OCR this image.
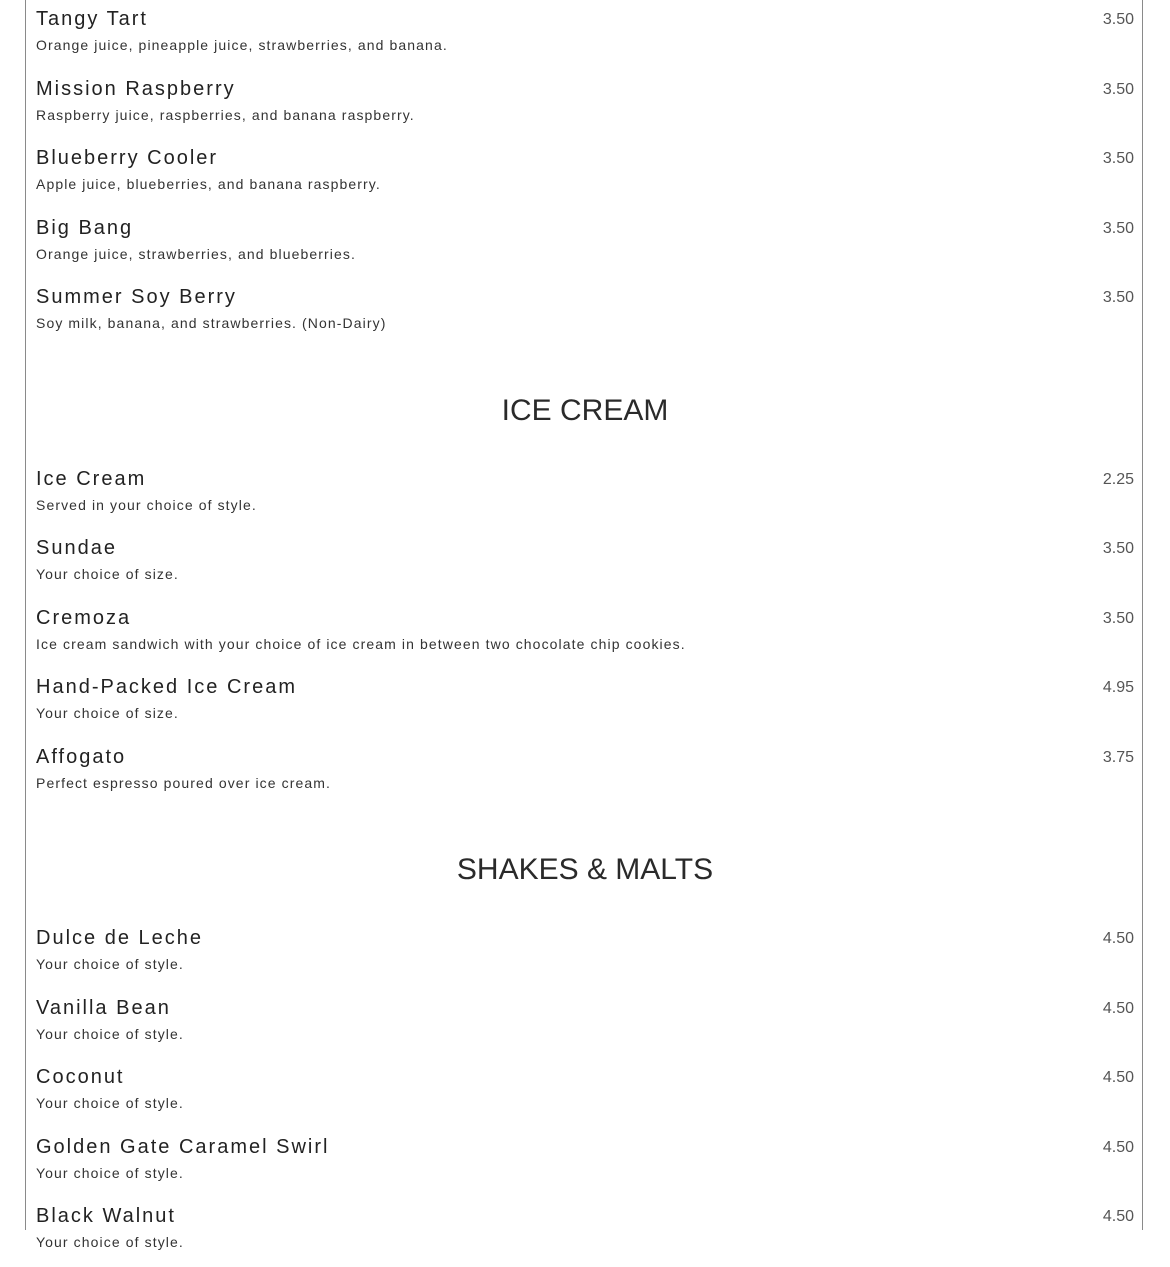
Tangy Tart	3.50
Orange juice, pineapple juice, strawberries, and banana.
Mission Raspberry	3.50
Raspberry juice, raspberries, and banana raspberry.
Blueberry Cooler	3.50
Apple juice, blueberries, and banana raspberry.
Big Bang	3.50
Orange juice, strawberries, and blueberries.
Summer Soy Berry	3.50
Soy milk, banana, and strawberries. (Non-Dairy)
ICE CREAM
Ice Cream	2.25
Served in your choice of style.
Sundae	3.50
Your choice of size.
Cremoza	3.50
Ice cream sandwich with your choice of ice cream in between two chocolate chip cookies.
Hand-Packed Ice Cream	4.95
Your choice of size.
Affogato	3.75
Perfect espresso poured over ice cream.
SHAKES & MALTS
Dulce de Leche	4.50
Your choice of style.
Vanilla Bean	4.50
Your choice of style.
Coconut	4.50
Your choice of style.
Golden Gate Caramel Swirl	4.50
Your choice of style.
Black Walnut	4.50
Your choice of style.
